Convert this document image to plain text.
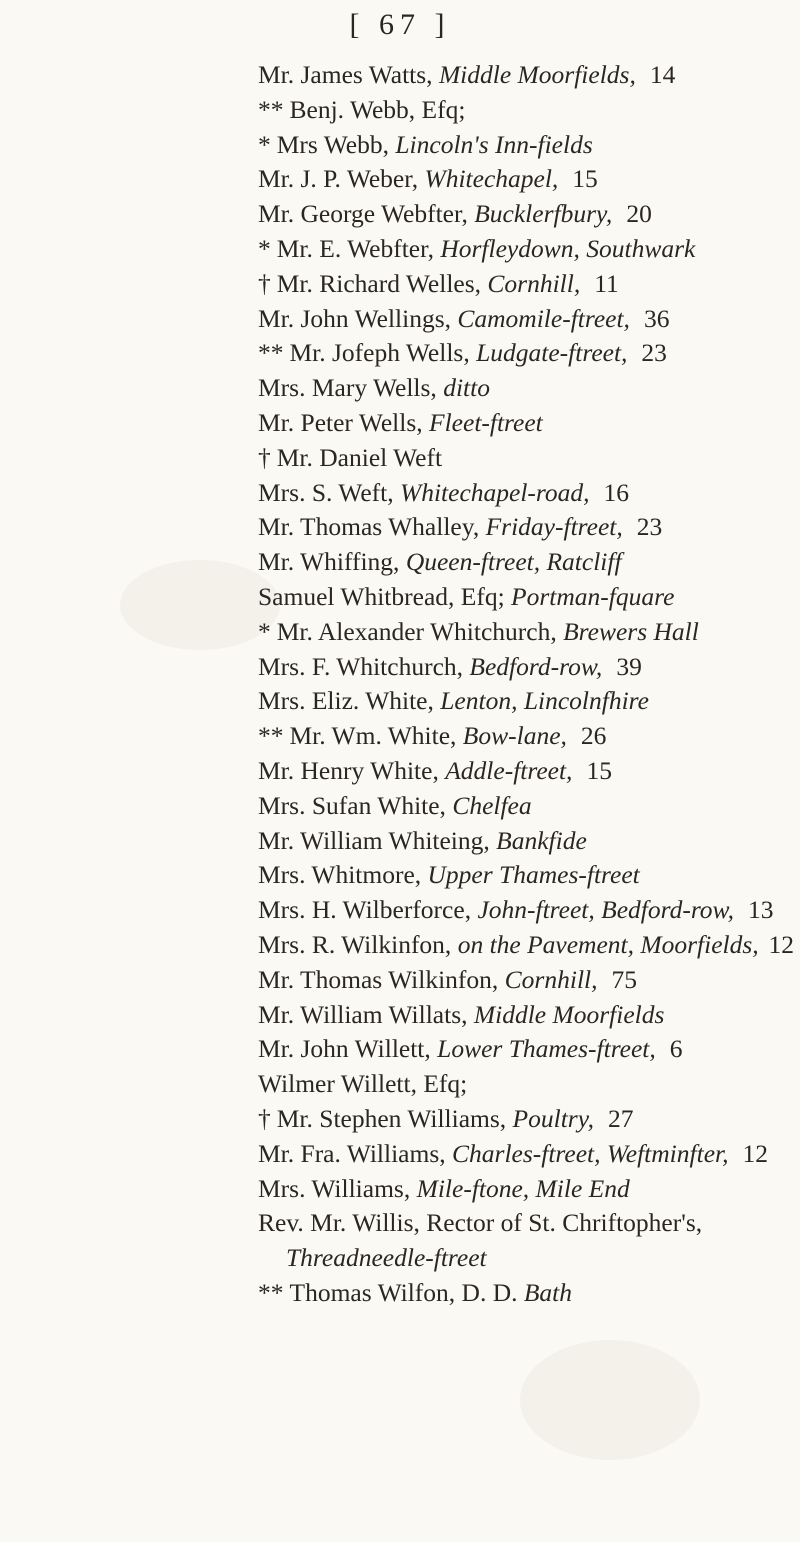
[ 67 ]
Mr. James Watts, Middle Moorfields, 14
** Benj. Webb, Efq;
* Mrs Webb, Lincoln's Inn-fields
Mr. J. P. Weber, Whitechapel, 15
Mr. George Webfter, Bucklerfbury, 20
* Mr. E. Webfter, Horfleydown, Southwark
† Mr. Richard Welles, Cornhill, 11
Mr. John Wellings, Camomile-ftreet, 36
** Mr. Jofeph Wells, Ludgate-ftreet, 23
Mrs. Mary Wells, ditto
Mr. Peter Wells, Fleet-ftreet
† Mr. Daniel Weft
Mrs. S. Weft, Whitechapel-road, 16
Mr. Thomas Whalley, Friday-ftreet, 23
Mr. Whiffing, Queen-ftreet, Ratcliff
Samuel Whitbread, Efq; Portman-fquare
* Mr. Alexander Whitchurch, Brewers Hall
Mrs. F. Whitchurch, Bedford-row, 39
Mrs. Eliz. White, Lenton, Lincolnfhire
** Mr. Wm. White, Bow-lane, 26
Mr. Henry White, Addle-ftreet, 15
Mrs. Sufan White, Chelfea
Mr. William Whiteing, Bankfide
Mrs. Whitmore, Upper Thames-ftreet
Mrs. H. Wilberforce, John-ftreet, Bedford-row, 13
Mrs. R. Wilkinfon, on the Pavement, Moorfields, 12
Mr. Thomas Wilkinfon, Cornhill, 75
Mr. William Willats, Middle Moorfields
Mr. John Willett, Lower Thames-ftreet, 6
Wilmer Willett, Efq;
† Mr. Stephen Williams, Poultry, 27
Mr. Fra. Williams, Charles-ftreet, Weftminfter, 12
Mrs. Williams, Mile-ftone, Mile End
Rev. Mr. Willis, Rector of St. Chriftopher's,
Threadneedle-ftreet
** Thomas Wilfon, D. D. Bath
